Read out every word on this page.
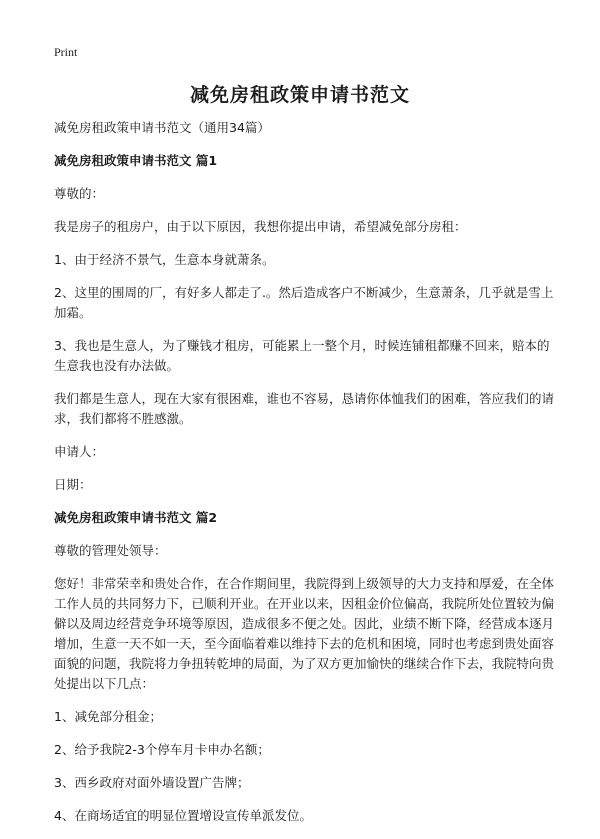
Print
减免房租政策申请书范文

减免房租政策申请书范文（通用34篇）

减免房租政策申请书范文 篇1

尊敬的：

我是房子的租房户，由于以下原因，我想你提出申请，希望减免部分房租：

1、由于经济不景气，生意本身就萧条。

2、这里的围周的厂，有好多人都走了.。然后造成客户不断减少，生意萧条，几乎就是雪上加霜。

3、我也是生意人，为了赚钱才租房，可能累上一整个月，时候连铺租都赚不回来，赔本的生意我也没有办法做。

我们都是生意人，现在大家有很困难，谁也不容易，恳请你体恤我们的困难，答应我们的请求，我们都将不胜感激。

申请人：

日期：

减免房租政策申请书范文 篇2

尊敬的管理处领导：

您好！非常荣幸和贵处合作，在合作期间里，我院得到上级领导的大力支持和厚爱，在全体工作人员的共同努力下，已顺利开业。在开业以来，因租金价位偏高，我院所处位置较为偏僻以及周边经营竞争环境等原因，造成很多不便之处。因此，业绩不断下降，经营成本逐月增加，生意一天不如一天，至今面临着难以维持下去的危机和困境，同时也考虑到贵处面容面貌的问题，我院将力争扭转乾坤的局面，为了双方更加愉快的继续合作下去，我院特向贵处提出以下几点：

1、减免部分租金；

2、给予我院2-3个停车月卡申办名额；

3、西乡政府对面外墙设置广告牌；

4、在商场适宜的明显位置增设宣传单派发位。
